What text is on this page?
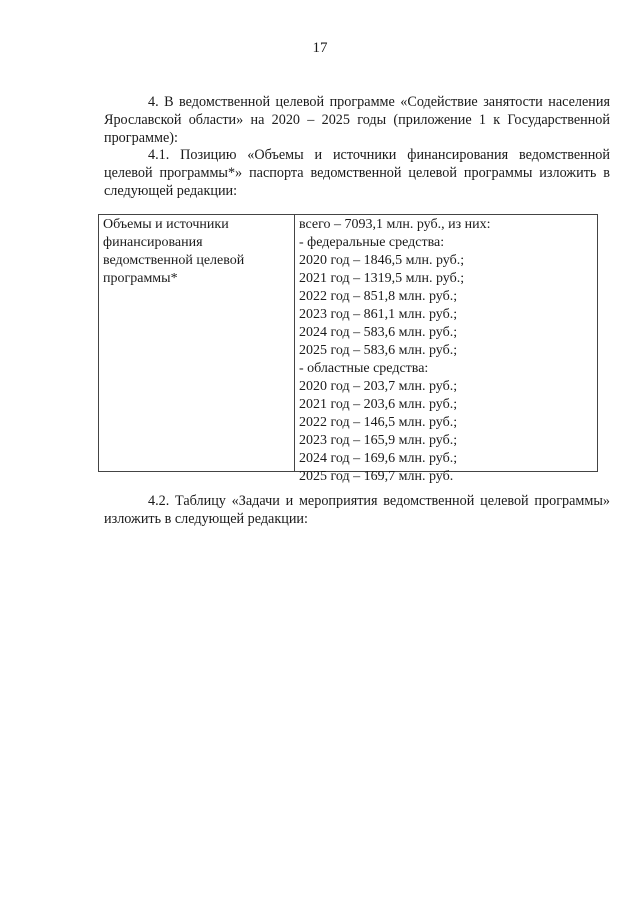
17

4. В ведомственной целевой программе «Содействие занятости населения Ярославской области» на 2020 – 2025 годы (приложение 1 к Государственной программе):

4.1. Позицию «Объемы и источники финансирования ведомственной целевой программы*» паспорта ведомственной целевой программы изложить в следующей редакции:

Объемы и источники
финансирования
ведомственной целевой
программы*
всего – 7093,1 млн. руб., из них:
- федеральные средства:
2020 год – 1846,5 млн. руб.;
2021 год – 1319,5 млн. руб.;
2022 год – 851,8 млн. руб.;
2023 год – 861,1 млн. руб.;
2024 год – 583,6 млн. руб.;
2025 год – 583,6 млн. руб.;
- областные средства:
2020 год – 203,7 млн. руб.;
2021 год – 203,6 млн. руб.;
2022 год – 146,5 млн. руб.;
2023 год – 165,9 млн. руб.;
2024 год – 169,6 млн. руб.;
2025 год – 169,7 млн. руб.

4.2. Таблицу «Задачи и мероприятия ведомственной целевой программы» изложить в следующей редакции:
